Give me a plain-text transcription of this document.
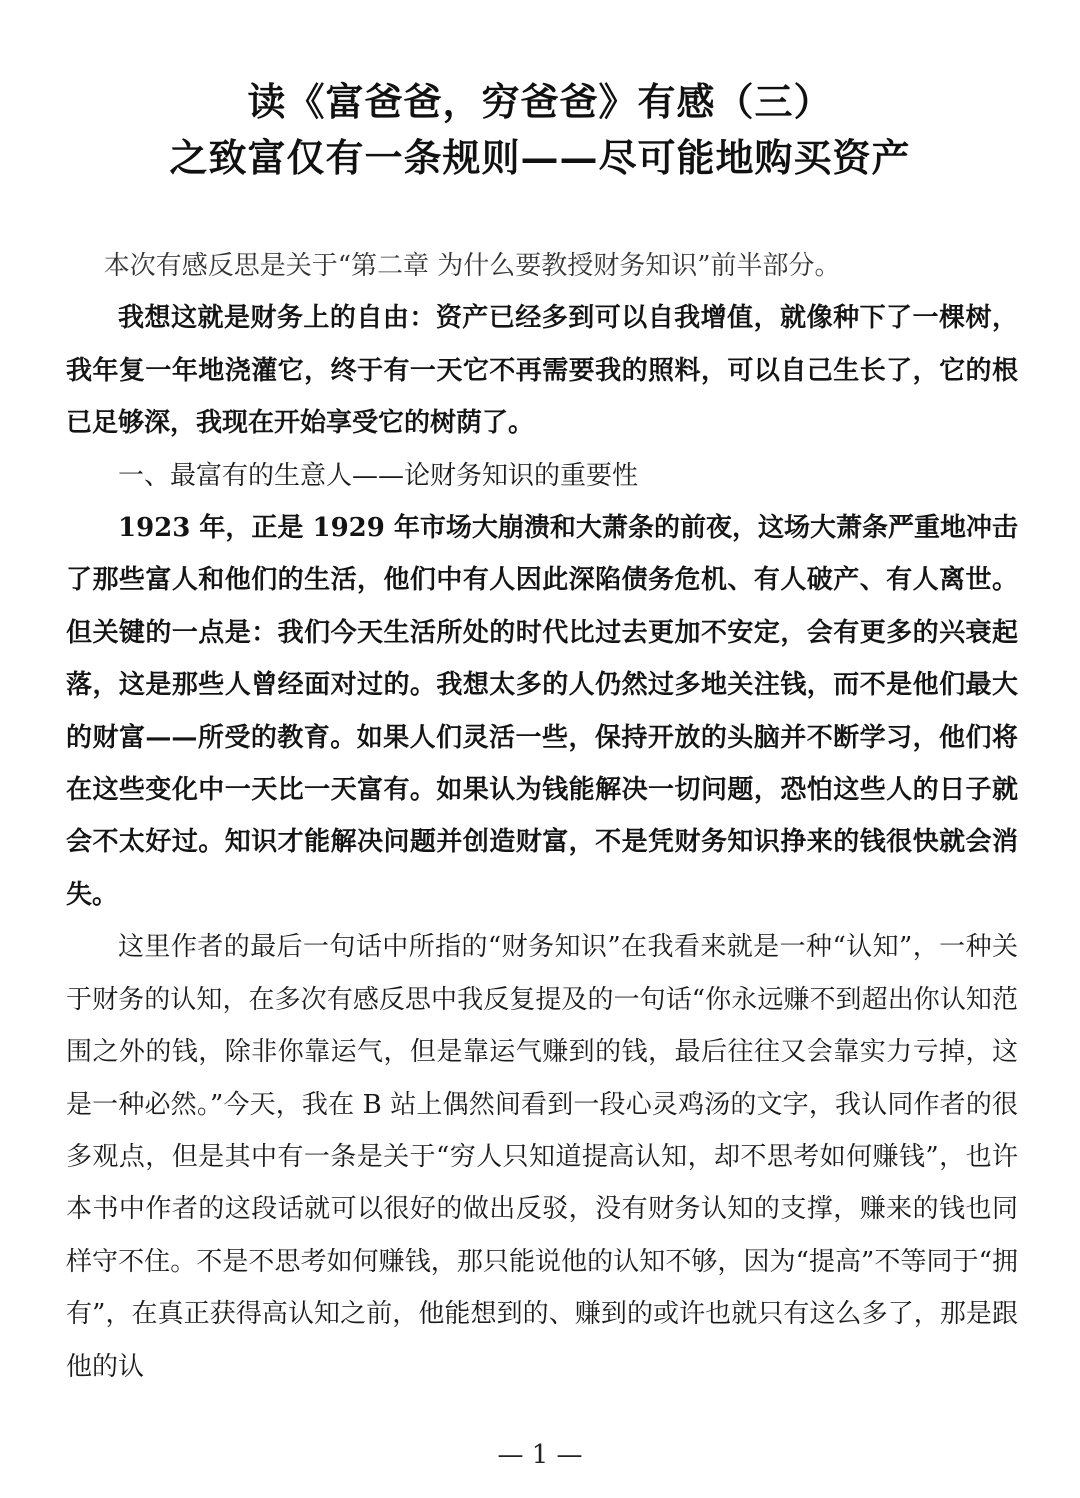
读《富爸爸，穷爸爸》有感（三）
之致富仅有一条规则——尽可能地购买资产

本次有感反思是关于“第二章 为什么要教授财务知识”前半部分。

我想这就是财务上的自由：资产已经多到可以自我增值，就像种下了一棵树，我年复一年地浇灌它，终于有一天它不再需要我的照料，可以自己生长了，它的根已足够深，我现在开始享受它的树荫了。

一、最富有的生意人——论财务知识的重要性

1923 年，正是 1929 年市场大崩溃和大萧条的前夜，这场大萧条严重地冲击了那些富人和他们的生活，他们中有人因此深陷债务危机、有人破产、有人离世。但关键的一点是：我们今天生活所处的时代比过去更加不安定，会有更多的兴衰起落，这是那些人曾经面对过的。我想太多的人仍然过多地关注钱，而不是他们最大的财富——所受的教育。如果人们灵活一些，保持开放的头脑并不断学习，他们将在这些变化中一天比一天富有。如果认为钱能解决一切问题，恐怕这些人的日子就会不太好过。知识才能解决问题并创造财富，不是凭财务知识挣来的钱很快就会消失。

这里作者的最后一句话中所指的“财务知识”在我看来就是一种“认知”，一种关于财务的认知，在多次有感反思中我反复提及的一句话“你永远赚不到超出你认知范围之外的钱，除非你靠运气，但是靠运气赚到的钱，最后往往又会靠实力亏掉，这是一种必然。”今天，我在 B 站上偶然间看到一段心灵鸡汤的文字，我认同作者的很多观点，但是其中有一条是关于“穷人只知道提高认知，却不思考如何赚钱”，也许本书中作者的这段话就可以很好的做出反驳，没有财务认知的支撑，赚来的钱也同样守不住。不是不思考如何赚钱，那只能说他的认知不够，因为“提高”不等同于“拥有”，在真正获得高认知之前，他能想到的、赚到的或许也就只有这么多了，那是跟他的认

— 1 —
